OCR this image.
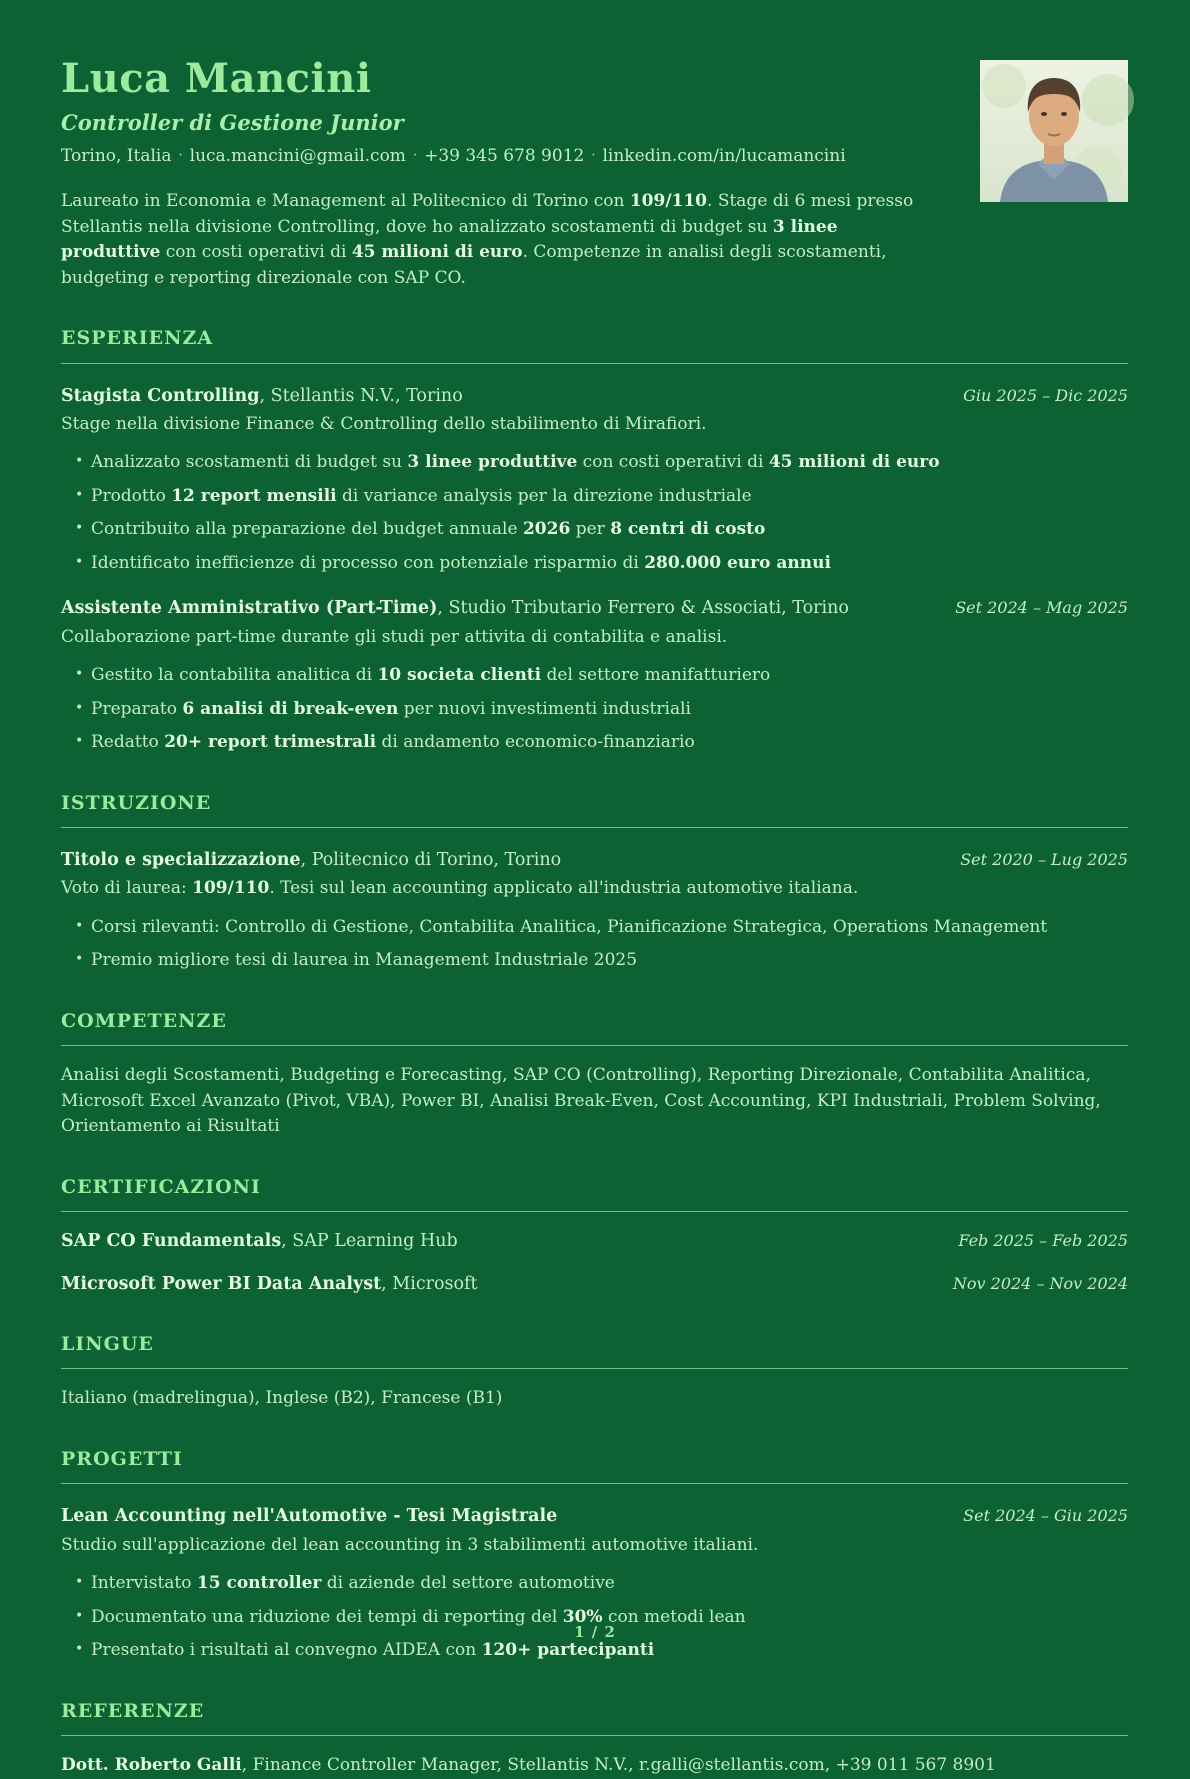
Luca Mancini
Controller di Gestione Junior
Torino, Italia · luca.mancini@gmail.com · +39 345 678 9012 · linkedin.com/in/lucamancini
Laureato in Economia e Management al Politecnico di Torino con 109/110. Stage di 6 mesi presso Stellantis nella divisione Controlling, dove ho analizzato scostamenti di budget su 3 linee produttive con costi operativi di 45 milioni di euro. Competenze in analisi degli scostamenti, budgeting e reporting direzionale con SAP CO.
ESPERIENZA
Stagista Controlling, Stellantis N.V., Torino	Giu 2025 – Dic 2025
Stage nella divisione Finance & Controlling dello stabilimento di Mirafiori.
• Analizzato scostamenti di budget su 3 linee produttive con costi operativi di 45 milioni di euro
• Prodotto 12 report mensili di variance analysis per la direzione industriale
• Contribuito alla preparazione del budget annuale 2026 per 8 centri di costo
• Identificato inefficienze di processo con potenziale risparmio di 280.000 euro annui
Assistente Amministrativo (Part-Time), Studio Tributario Ferrero & Associati, Torino	Set 2024 – Mag 2025
Collaborazione part-time durante gli studi per attivita di contabilita e analisi.
• Gestito la contabilita analitica di 10 societa clienti del settore manifatturiero
• Preparato 6 analisi di break-even per nuovi investimenti industriali
• Redatto 20+ report trimestrali di andamento economico-finanziario
ISTRUZIONE
Titolo e specializzazione, Politecnico di Torino, Torino	Set 2020 – Lug 2025
Voto di laurea: 109/110. Tesi sul lean accounting applicato all'industria automotive italiana.
• Corsi rilevanti: Controllo di Gestione, Contabilita Analitica, Pianificazione Strategica, Operations Management
• Premio migliore tesi di laurea in Management Industriale 2025
COMPETENZE
Analisi degli Scostamenti, Budgeting e Forecasting, SAP CO (Controlling), Reporting Direzionale, Contabilita Analitica, Microsoft Excel Avanzato (Pivot, VBA), Power BI, Analisi Break-Even, Cost Accounting, KPI Industriali, Problem Solving, Orientamento ai Risultati
CERTIFICAZIONI
SAP CO Fundamentals, SAP Learning Hub	Feb 2025 – Feb 2025
Microsoft Power BI Data Analyst, Microsoft	Nov 2024 – Nov 2024
LINGUE
Italiano (madrelingua), Inglese (B2), Francese (B1)
PROGETTI
Lean Accounting nell'Automotive - Tesi Magistrale	Set 2024 – Giu 2025
Studio sull'applicazione del lean accounting in 3 stabilimenti automotive italiani.
• Intervistato 15 controller di aziende del settore automotive
• Documentato una riduzione dei tempi di reporting del 30% con metodi lean
• Presentato i risultati al convegno AIDEA con 120+ partecipanti
REFERENZE
Dott. Roberto Galli, Finance Controller Manager, Stellantis N.V., r.galli@stellantis.com, +39 011 567 8901
1 / 2
